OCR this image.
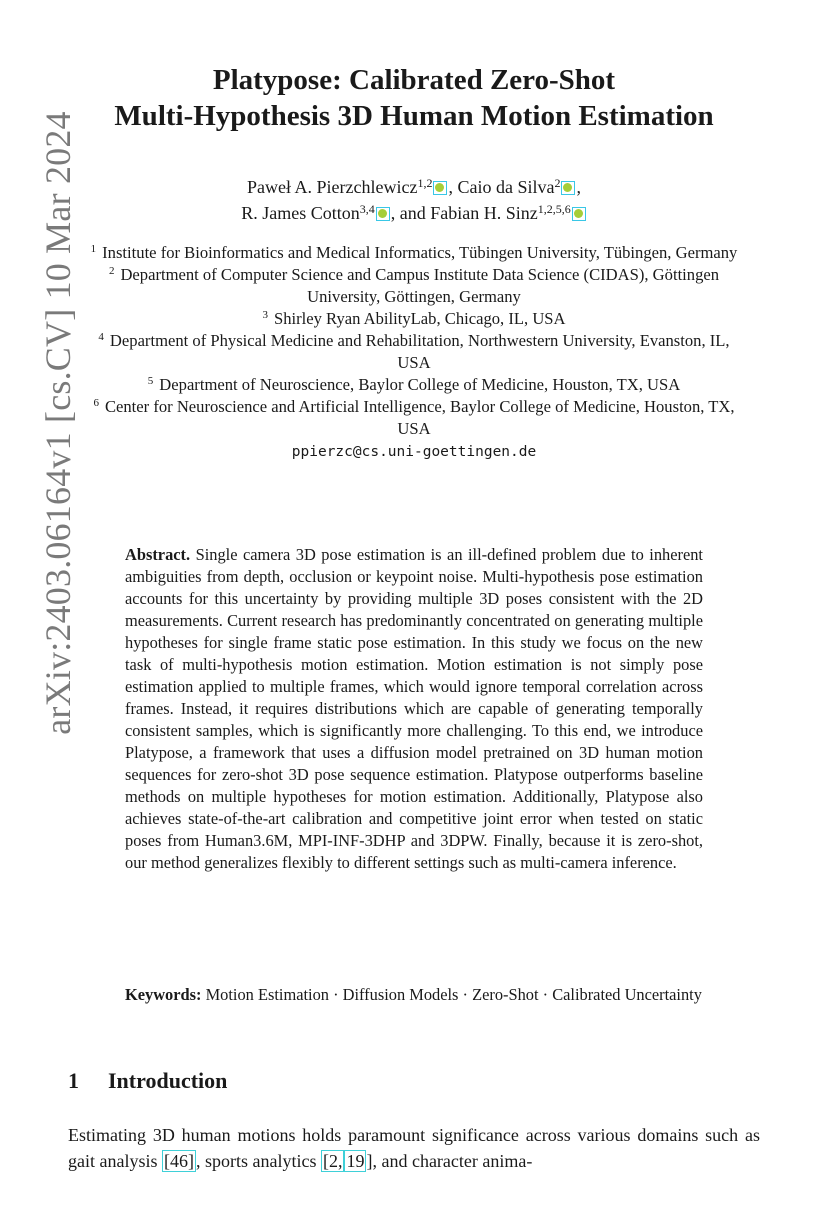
arXiv:2403.06164v1 [cs.CV] 10 Mar 2024
Platypose: Calibrated Zero-Shot
Multi-Hypothesis 3D Human Motion Estimation
Paweł A. Pierzchlewicz$^{1,2}$ , Caio da Silva$^2$ ,
R. James Cotton$^{3,4}$ , and Fabian H. Sinz$^{1,2,5,6}$

$^1$ Institute for Bioinformatics and Medical Informatics, Tübingen University, Tübingen, Germany

$^2$ Department of Computer Science and Campus Institute Data Science (CIDAS), Göttingen University, Göttingen, Germany

$^3$ Shirley Ryan AbilityLab, Chicago, IL, USA

$^4$ Department of Physical Medicine and Rehabilitation, Northwestern University, Evanston, IL, USA

$^5$ Department of Neuroscience, Baylor College of Medicine, Houston, TX, USA

$^6$ Center for Neuroscience and Artificial Intelligence, Baylor College of Medicine, Houston, TX, USA

ppierzc@cs.uni-goettingen.de

Abstract. Single camera 3D pose estimation is an ill-defined problem due to inherent ambiguities from depth, occlusion or keypoint noise. Multi-hypothesis pose estimation accounts for this uncertainty by providing multiple 3D poses consistent with the 2D measurements. Current research has predominantly concentrated on generating multiple hypotheses for single frame static pose estimation. In this study we focus on the new task of multi-hypothesis motion estimation. Motion estimation is not simply pose estimation applied to multiple frames, which would ignore temporal correlation across frames. Instead, it requires distributions which are capable of generating temporally consistent samples, which is significantly more challenging. To this end, we introduce Platypose, a framework that uses a diffusion model pretrained on 3D human motion sequences for zero-shot 3D pose sequence estimation. Platypose outperforms baseline methods on multiple hypotheses for motion estimation. Additionally, Platypose also achieves state-of-the-art calibration and competitive joint error when tested on static poses from Human3.6M, MPI-INF-3DHP and 3DPW. Finally, because it is zero-shot, our method generalizes flexibly to different settings such as multi-camera inference.
Keywords: Motion Estimation · Diffusion Models · Zero-Shot · Calibrated Uncertainty
1 Introduction
Estimating 3D human motions holds paramount significance across various domains such as gait analysis [46] , sports analytics [2, 19 ], and character anima-
